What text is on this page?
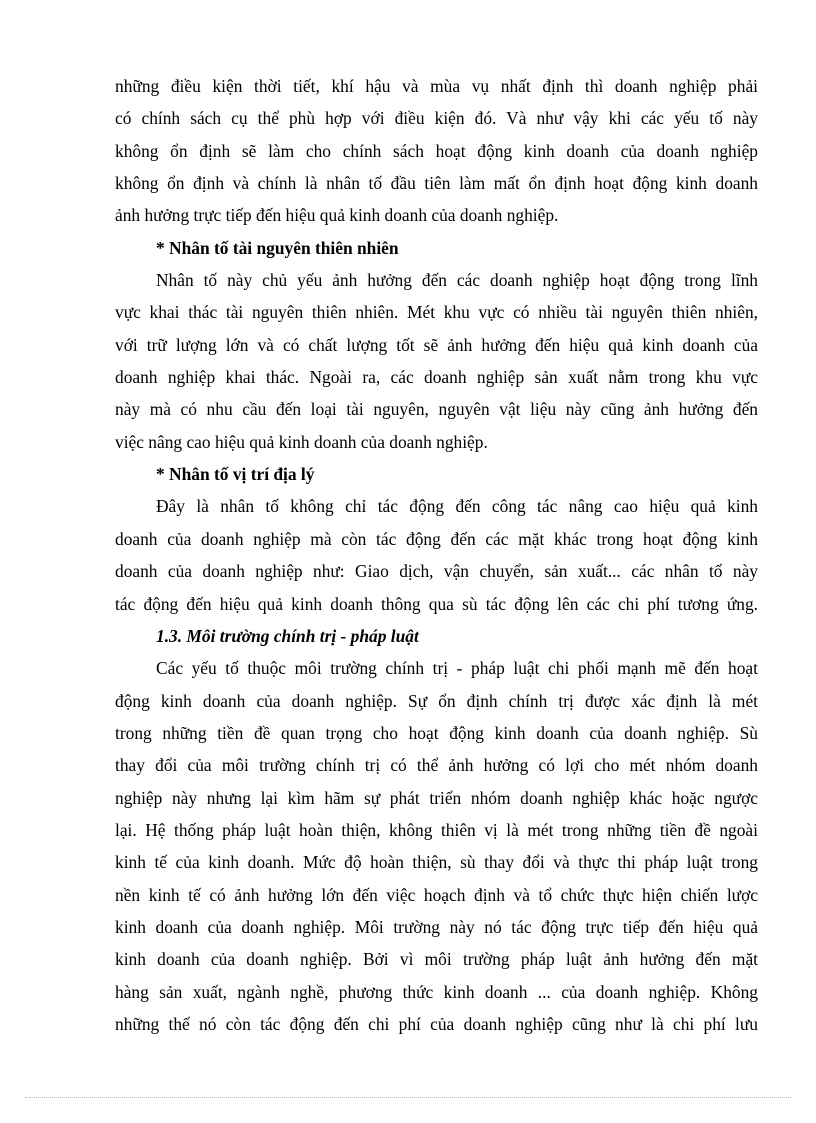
những điều kiện thời tiết, khí hậu và mùa vụ nhất định thì doanh nghiệp phải
có chính sách cụ thể phù hợp với điều kiện đó. Và như vậy khi các yếu tố này
không ổn định sẽ làm cho chính sách hoạt động kinh doanh của doanh nghiệp
không ổn định và chính là nhân tố đầu tiên làm mất ổn định hoạt động kinh doanh
ảnh hưởng trực tiếp đến hiệu quả kinh doanh của doanh nghiệp.
* Nhân tố tài nguyên thiên nhiên
Nhân tố này chủ yếu ảnh hưởng đến các doanh nghiệp hoạt động trong lĩnh
vực khai thác tài nguyên thiên nhiên. Mét khu vực có nhiều tài nguyên thiên nhiên,
với trữ lượng lớn và có chất lượng tốt sẽ ảnh hưởng đến hiệu quả kinh doanh của
doanh nghiệp khai thác. Ngoài ra, các doanh nghiệp sản xuất nằm trong khu vực
này mà có nhu cầu đến loại tài nguyên, nguyên vật liệu này cũng ảnh hưởng đến
việc nâng cao hiệu quả kinh doanh của doanh nghiệp.
* Nhân tố vị trí địa lý
Đây là nhân tố không chỉ tác động đến công tác nâng cao hiệu quả kinh
doanh của doanh nghiệp mà còn tác động đến các mặt khác trong hoạt động kinh
doanh của doanh nghiệp như: Giao dịch, vận chuyển, sản xuất... các nhân tố này
tác động đến hiệu quả kinh doanh thông qua sù tác động lên các chi phí tương ứng.
1.3. Môi trường chính trị - pháp luật
Các yếu tố thuộc môi trường chính trị - pháp luật chi phối mạnh mẽ đến hoạt
động kinh doanh của doanh nghiệp. Sự ổn định chính trị được xác định là mét
trong những tiền đề quan trọng cho hoạt động kinh doanh của doanh nghiệp. Sù
thay đổi của môi trường chính trị có thể ảnh hưởng có lợi cho mét nhóm doanh
nghiệp này nhưng lại kìm hãm sự phát triển nhóm doanh nghiệp khác hoặc ngược
lại. Hệ thống pháp luật hoàn thiện, không thiên vị là mét trong những tiền đề ngoài
kinh tế của kinh doanh. Mức độ hoàn thiện, sù thay đổi và thực thi pháp luật trong
nền kinh tế có ảnh hưởng lớn đến việc hoạch định và tổ chức thực hiện chiến lược
kinh doanh của doanh nghiệp. Môi trường này nó tác động trực tiếp đến hiệu quả
kinh doanh của doanh nghiệp. Bởi vì môi trường pháp luật ảnh hưởng đến mặt
hàng sản xuất, ngành nghề, phương thức kinh doanh ... của doanh nghiệp. Không
những thế nó còn tác động đến chi phí của doanh nghiệp cũng như là chi phí lưu
